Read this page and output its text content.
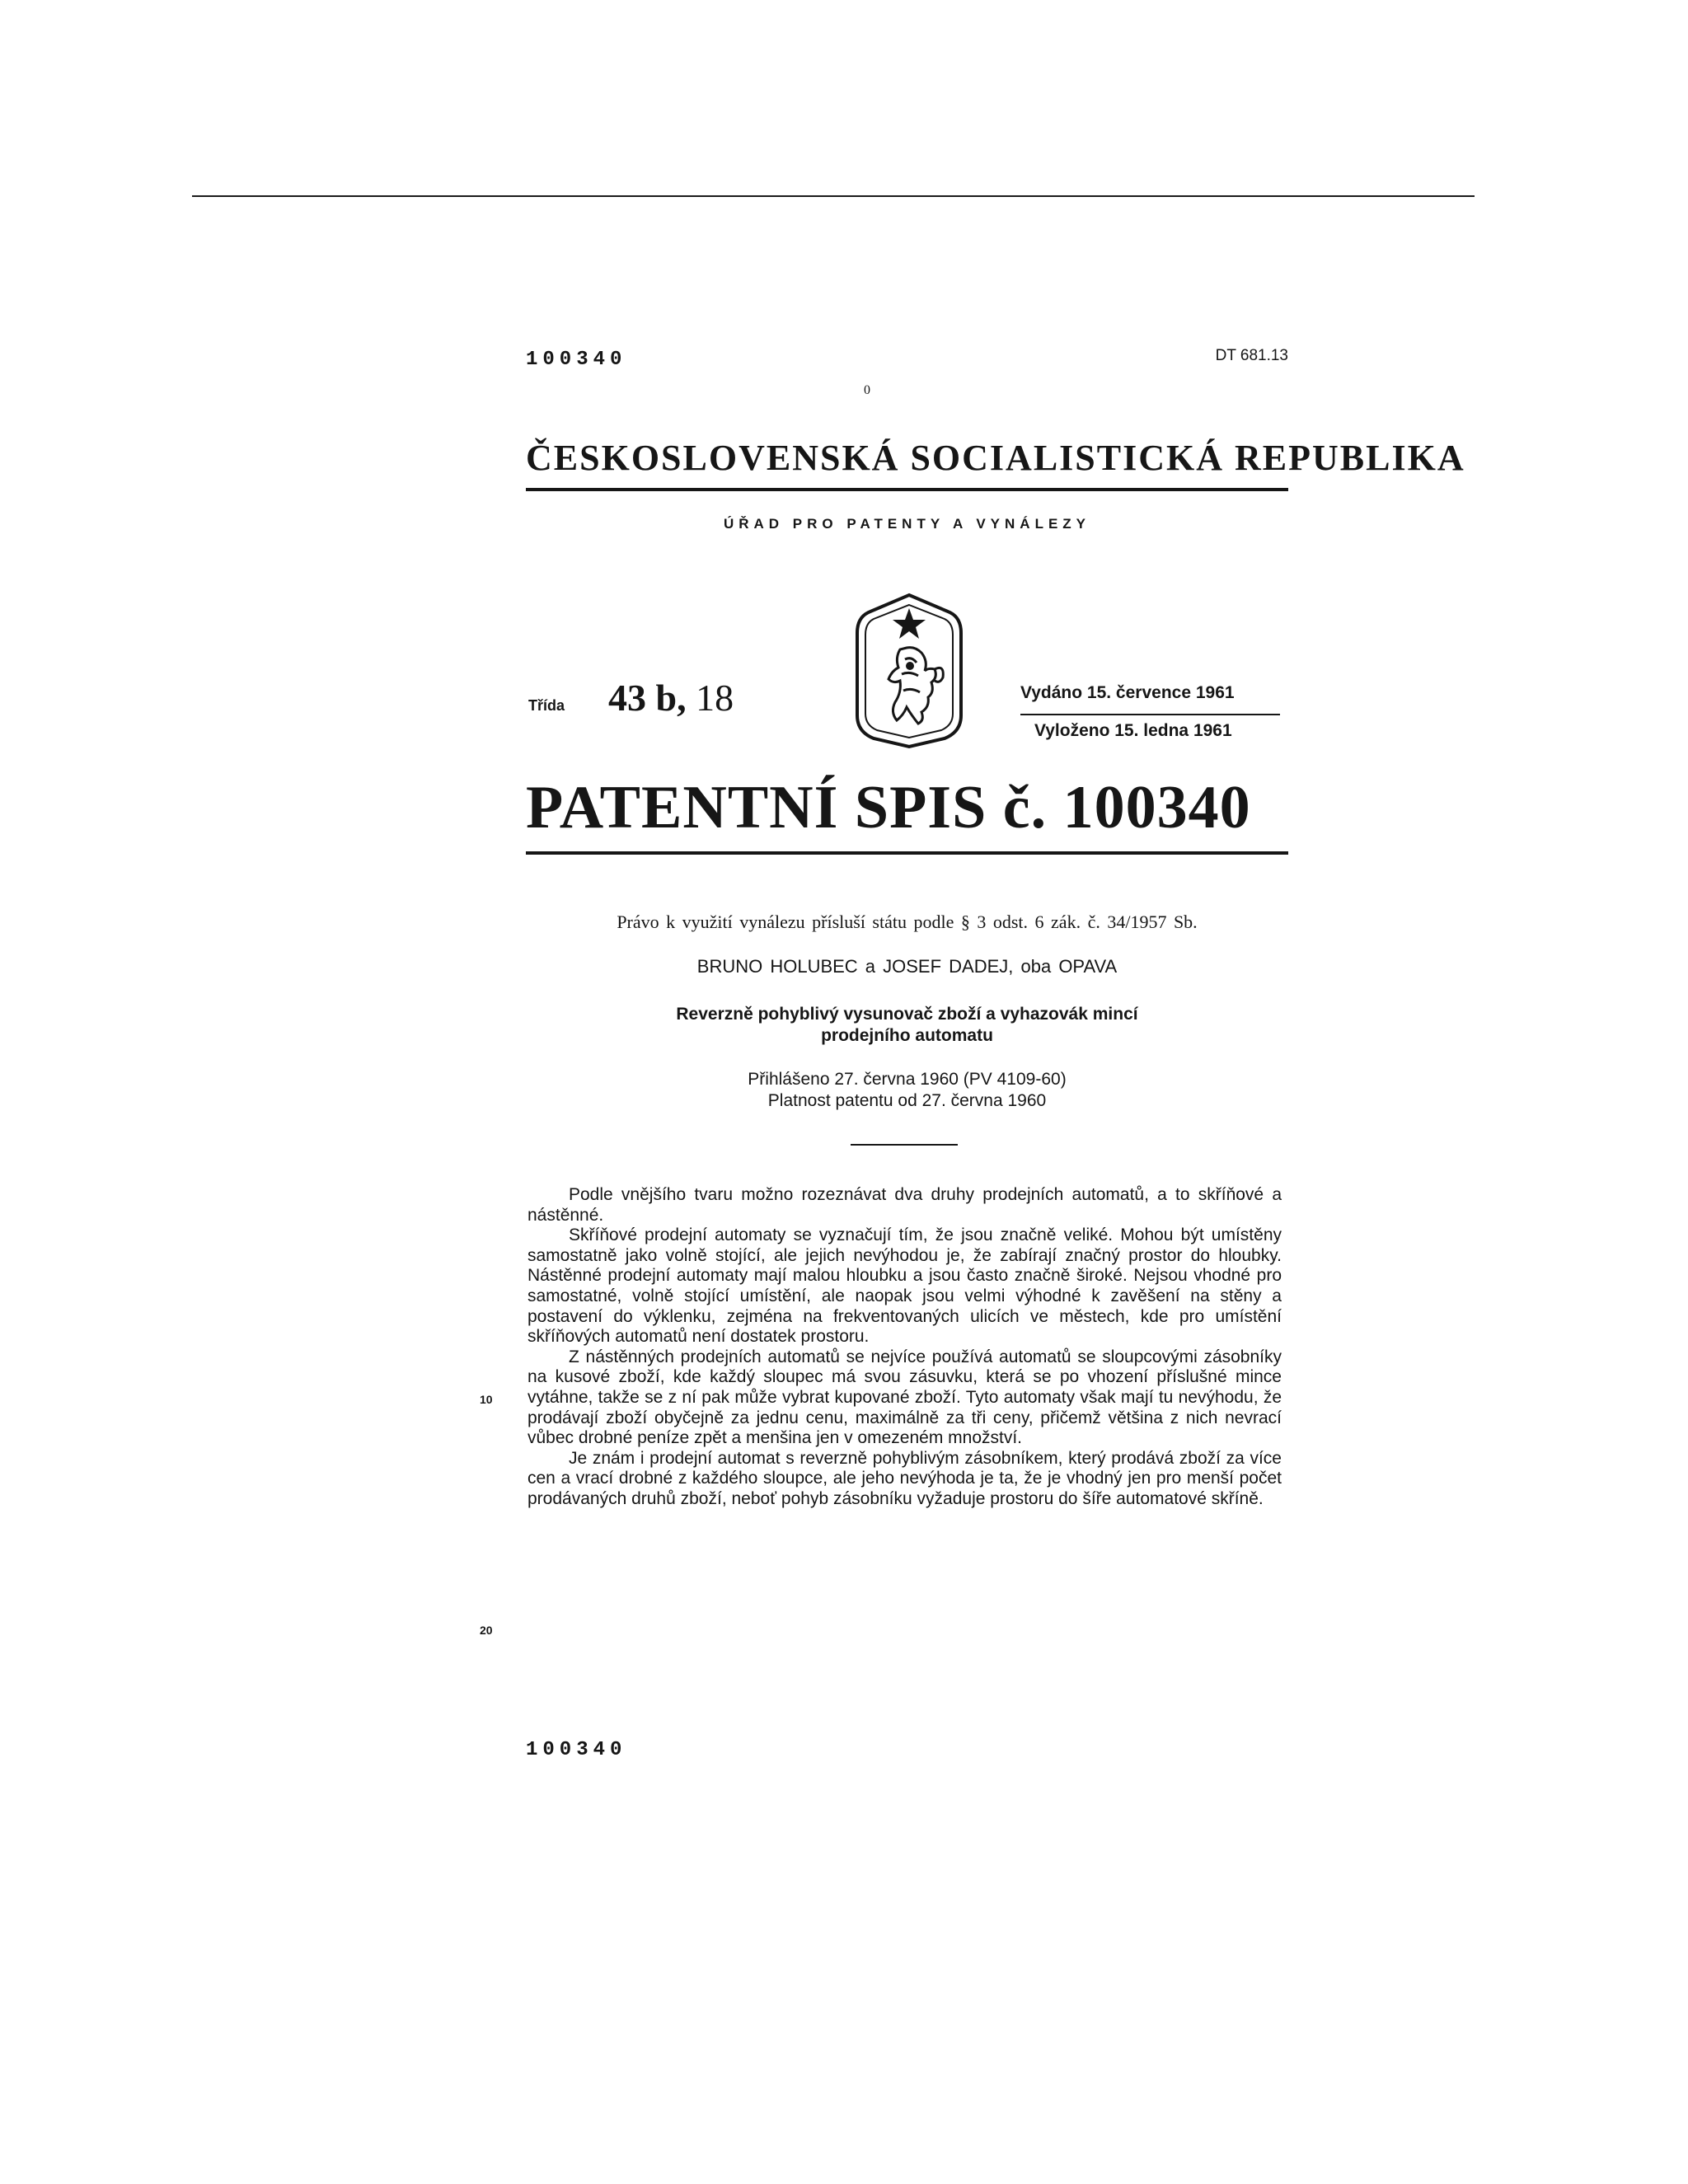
100340	DT 681.13
0
ČESKOSLOVENSKÁ SOCIALISTICKÁ REPUBLIKA
ÚŘAD PRO PATENTY A VYNÁLEZY
Třída 43 b, 18	Vydáno 15. července 1961
Vyloženo 15. ledna 1961
PATENTNÍ SPIS č. 100340
Právo k využití vynálezu přísluší státu podle § 3 odst. 6 zák. č. 34/1957 Sb.
BRUNO HOLUBEC a JOSEF DADEJ, oba OPAVA
Reverzně pohyblivý vysunovač zboží a vyhazovák mincí
prodejního automatu
Přihlášeno 27. června 1960 (PV 4109-60)
Platnost patentu od 27. června 1960

Podle vnějšího tvaru možno rozeznávat dva druhy prodejních automatů, a to skříňové a nástěnné.

Skříňové prodejní automaty se vyznačují tím, že jsou značně veliké. Mohou být umístěny samostatně jako volně stojící, ale jejich nevýhodou je, že zabírají značný prostor do hloubky. Nástěnné prodejní automaty mají malou hloubku a jsou často značně široké. Nejsou vhodné pro samostatné, volně stojící umístění, ale naopak jsou velmi výhodné k zavěšení na stěny a postavení do výklenku, zejména na frekventovaných ulicích ve městech, kde pro umístění skříňových automatů není dostatek prostoru.

Z nástěnných prodejních automatů se nejvíce používá automatů se sloupcovými zásobníky na kusové zboží, kde každý sloupec má svou zásuvku, která se po vhození příslušné mince vytáhne, takže se z ní pak může vybrat kupované zboží. Tyto automaty však mají tu nevýhodu, že prodávají zboží obyčejně za jednu cenu, maximálně za tři ceny, přičemž většina z nich nevrací vůbec drobné peníze zpět a menšina jen v omezeném množství.

Je znám i prodejní automat s reverzně pohyblivým zásobníkem, který prodává zboží za více cen a vrací drobné z každého sloupce, ale jeho nevýhoda je ta, že je vhodný jen pro menší počet prodávaných druhů zboží, neboť pohyb zásobníku vyžaduje prostoru do šíře automatové skříně.

10
20
100340
